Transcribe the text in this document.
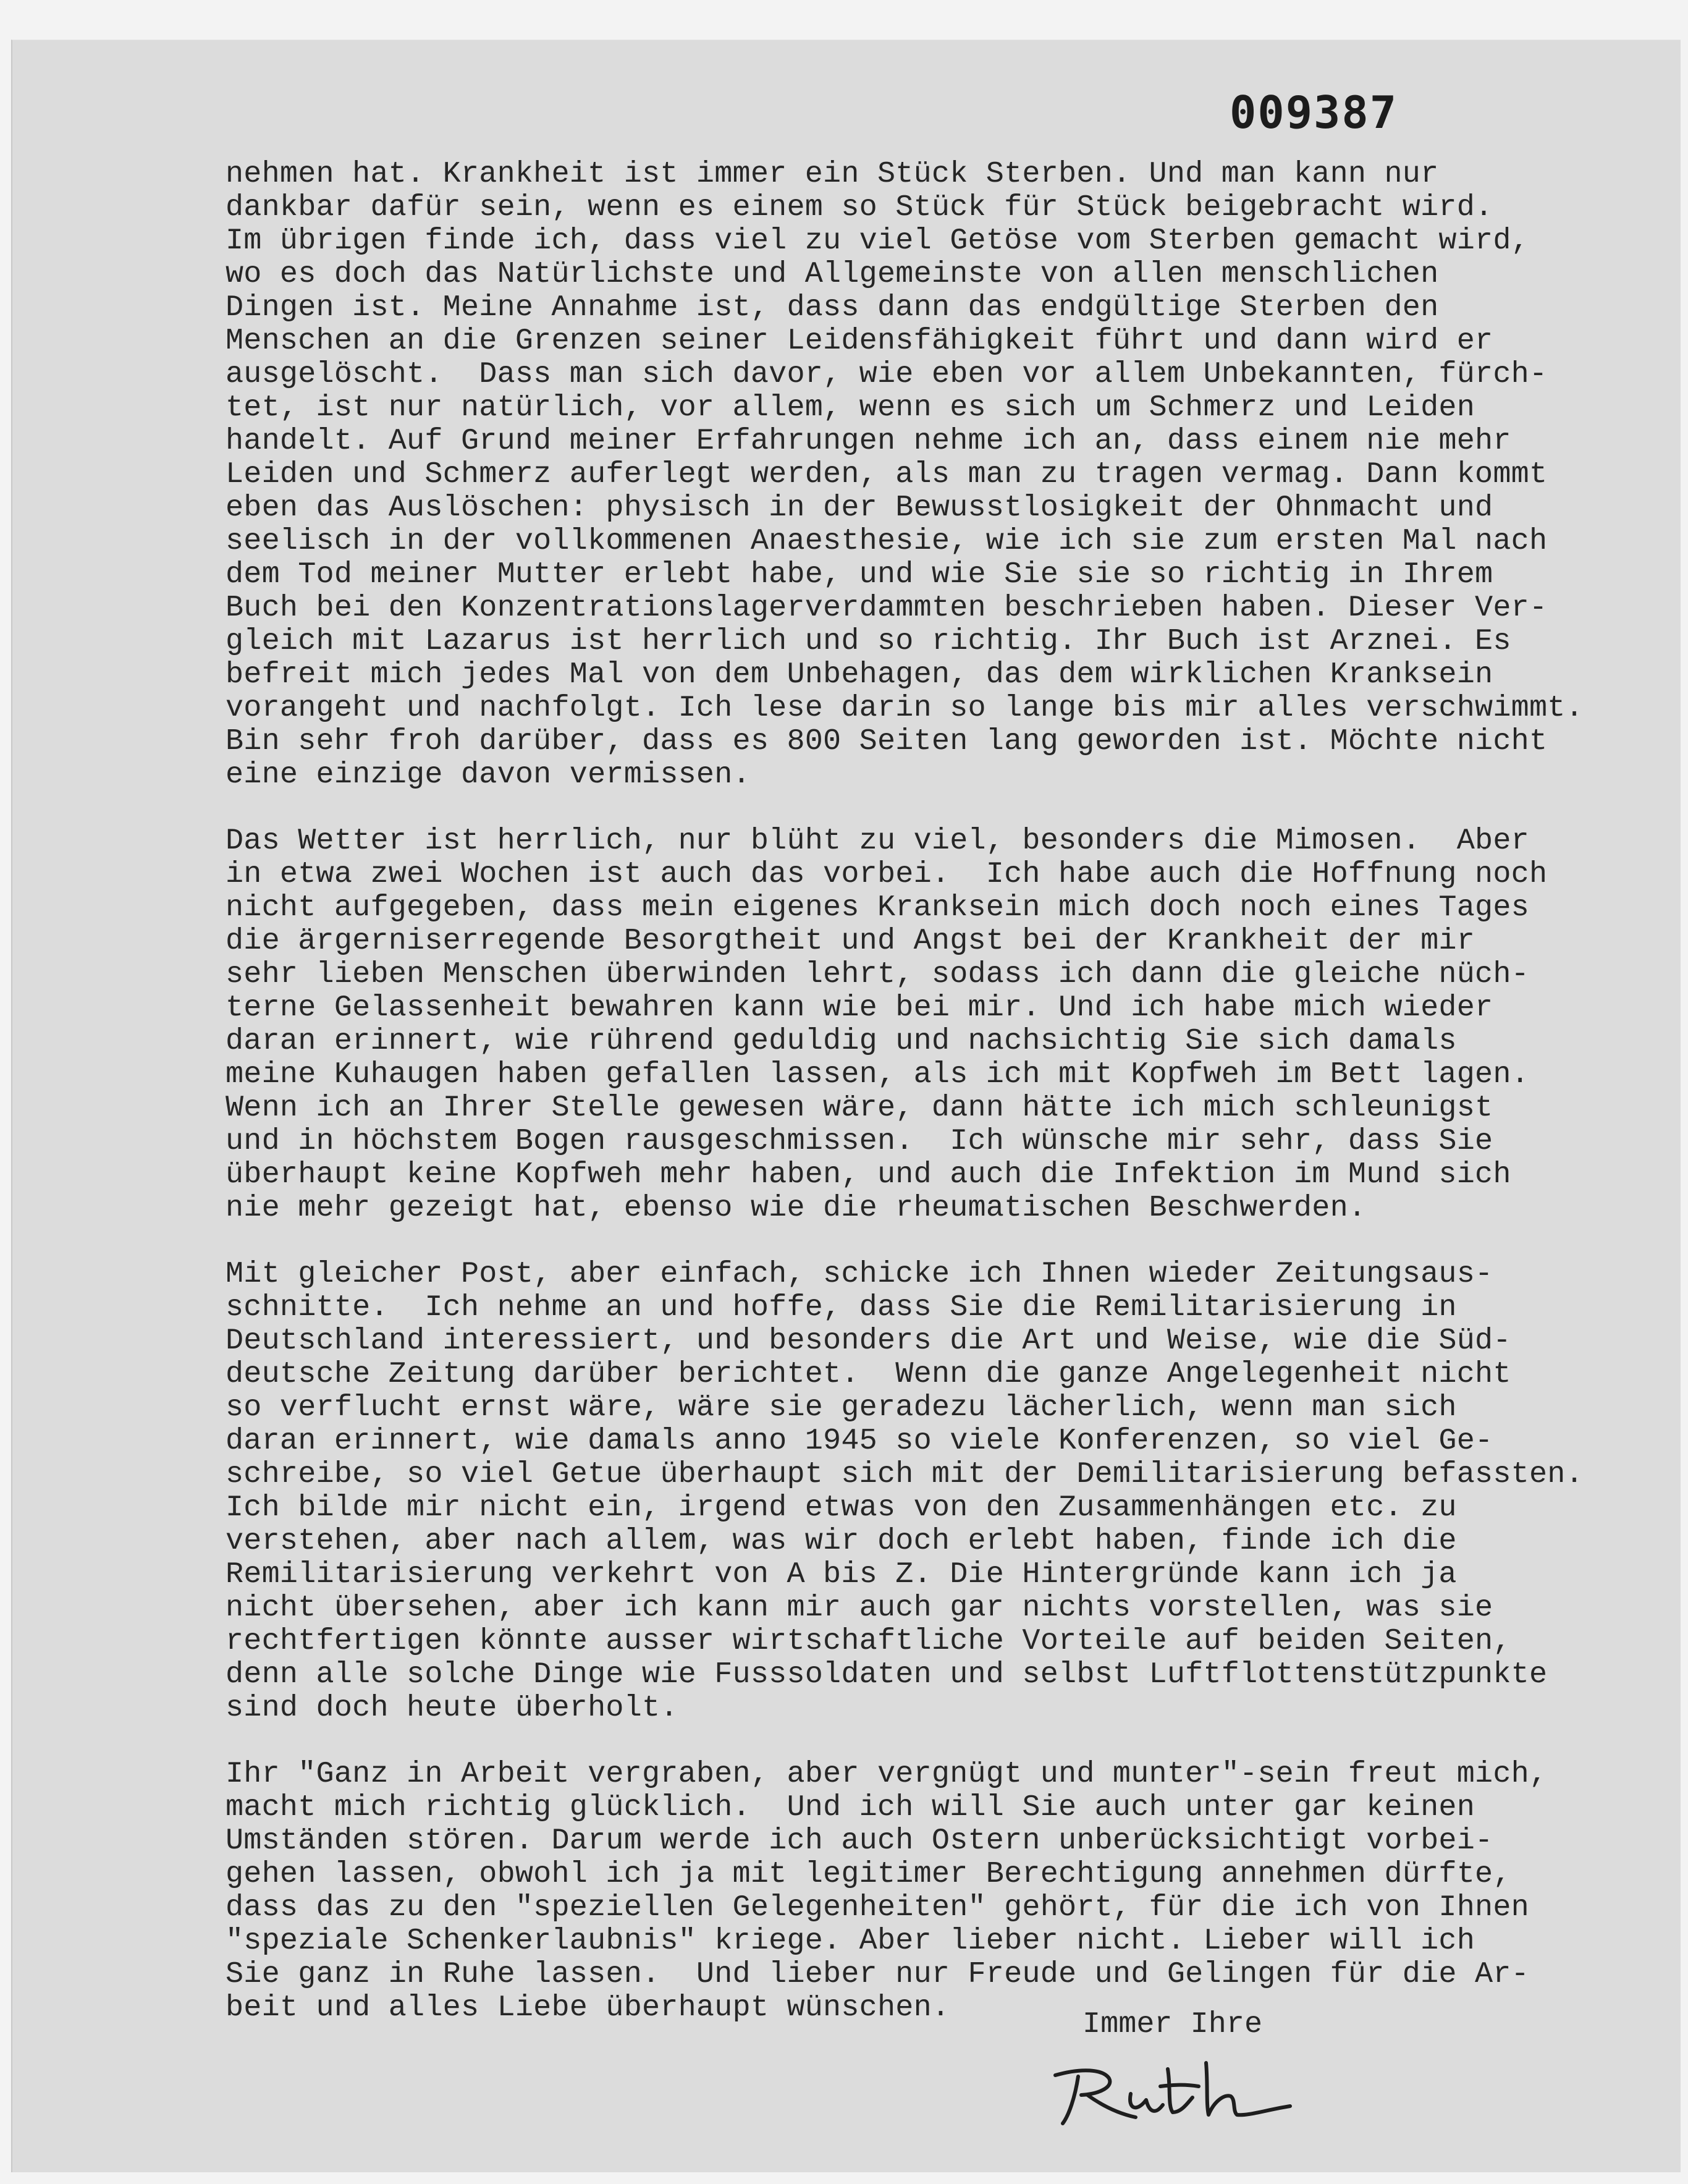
009387
nehmen hat. Krankheit ist immer ein Stück Sterben. Und man kann nur
dankbar dafür sein, wenn es einem so Stück für Stück beigebracht wird.
Im übrigen finde ich, dass viel zu viel Getöse vom Sterben gemacht wird,
wo es doch das Natürlichste und Allgemeinste von allen menschlichen
Dingen ist. Meine Annahme ist, dass dann das endgültige Sterben den
Menschen an die Grenzen seiner Leidensfähigkeit führt und dann wird er
ausgelöscht.  Dass man sich davor, wie eben vor allem Unbekannten, fürch-
tet, ist nur natürlich, vor allem, wenn es sich um Schmerz und Leiden
handelt. Auf Grund meiner Erfahrungen nehme ich an, dass einem nie mehr
Leiden und Schmerz auferlegt werden, als man zu tragen vermag. Dann kommt
eben das Auslöschen: physisch in der Bewusstlosigkeit der Ohnmacht und
seelisch in der vollkommenen Anaesthesie, wie ich sie zum ersten Mal nach
dem Tod meiner Mutter erlebt habe, und wie Sie sie so richtig in Ihrem
Buch bei den Konzentrationslagerverdammten beschrieben haben. Dieser Ver-
gleich mit Lazarus ist herrlich und so richtig. Ihr Buch ist Arznei. Es
befreit mich jedes Mal von dem Unbehagen, das dem wirklichen Kranksein
vorangeht und nachfolgt. Ich lese darin so lange bis mir alles verschwimmt.
Bin sehr froh darüber, dass es 800 Seiten lang geworden ist. Möchte nicht
eine einzige davon vermissen.
Das Wetter ist herrlich, nur blüht zu viel, besonders die Mimosen.  Aber
in etwa zwei Wochen ist auch das vorbei.  Ich habe auch die Hoffnung noch
nicht aufgegeben, dass mein eigenes Kranksein mich doch noch eines Tages
die ärgerniserregende Besorgtheit und Angst bei der Krankheit der mir
sehr lieben Menschen überwinden lehrt, sodass ich dann die gleiche nüch-
terne Gelassenheit bewahren kann wie bei mir. Und ich habe mich wieder
daran erinnert, wie rührend geduldig und nachsichtig Sie sich damals
meine Kuhaugen haben gefallen lassen, als ich mit Kopfweh im Bett lagen.
Wenn ich an Ihrer Stelle gewesen wäre, dann hätte ich mich schleunigst
und in höchstem Bogen rausgeschmissen.  Ich wünsche mir sehr, dass Sie
überhaupt keine Kopfweh mehr haben, und auch die Infektion im Mund sich
nie mehr gezeigt hat, ebenso wie die rheumatischen Beschwerden.
Mit gleicher Post, aber einfach, schicke ich Ihnen wieder Zeitungsaus-
schnitte.  Ich nehme an und hoffe, dass Sie die Remilitarisierung in
Deutschland interessiert, und besonders die Art und Weise, wie die Süd-
deutsche Zeitung darüber berichtet.  Wenn die ganze Angelegenheit nicht
so verflucht ernst wäre, wäre sie geradezu lächerlich, wenn man sich
daran erinnert, wie damals anno 1945 so viele Konferenzen, so viel Ge-
schreibe, so viel Getue überhaupt sich mit der Demilitarisierung befassten.
Ich bilde mir nicht ein, irgend etwas von den Zusammenhängen etc. zu
verstehen, aber nach allem, was wir doch erlebt haben, finde ich die
Remilitarisierung verkehrt von A bis Z. Die Hintergründe kann ich ja
nicht übersehen, aber ich kann mir auch gar nichts vorstellen, was sie
rechtfertigen könnte ausser wirtschaftliche Vorteile auf beiden Seiten,
denn alle solche Dinge wie Fusssoldaten und selbst Luftflottenstützpunkte
sind doch heute überholt.
Ihr "Ganz in Arbeit vergraben, aber vergnügt und munter"-sein freut mich,
macht mich richtig glücklich.  Und ich will Sie auch unter gar keinen
Umständen stören. Darum werde ich auch Ostern unberücksichtigt vorbei-
gehen lassen, obwohl ich ja mit legitimer Berechtigung annehmen dürfte,
dass das zu den "speziellen Gelegenheiten" gehört, für die ich von Ihnen
"speziale Schenkerlaubnis" kriege. Aber lieber nicht. Lieber will ich
Sie ganz in Ruhe lassen.  Und lieber nur Freude und Gelingen für die Ar-
beit und alles Liebe überhaupt wünschen.	Immer Ihre
